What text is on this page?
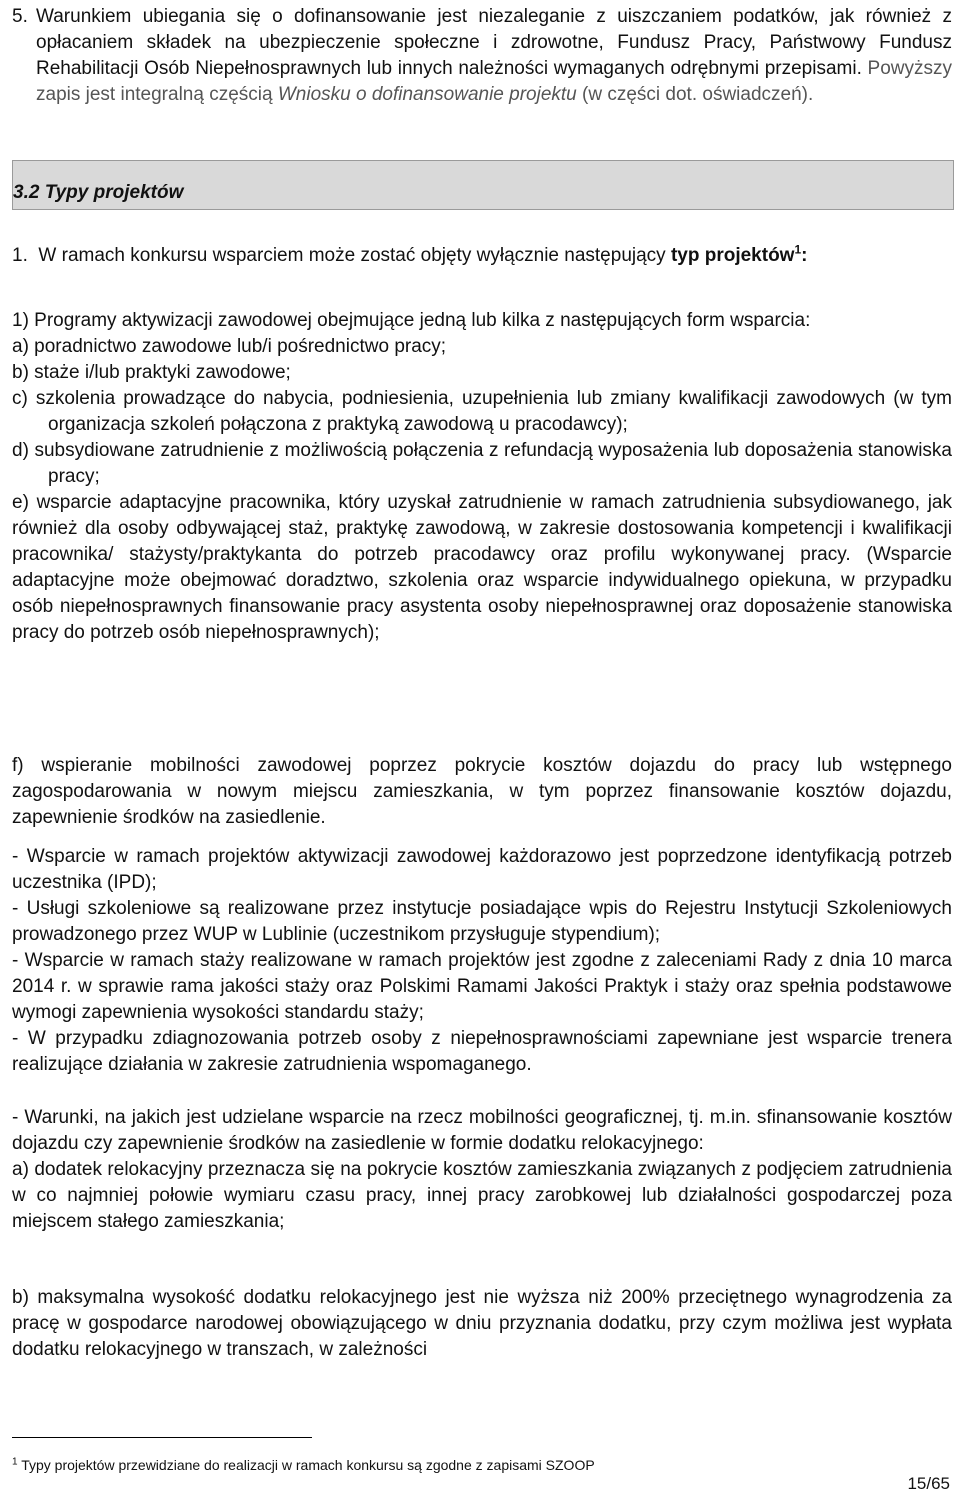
5. Warunkiem ubiegania się o dofinansowanie jest niezaleganie z uiszczaniem podatków, jak również z opłacaniem składek na ubezpieczenie społeczne i zdrowotne, Fundusz Pracy, Państwowy Fundusz Rehabilitacji Osób Niepełnosprawnych lub innych należności wymaganych odrębnymi przepisami. Powyższy zapis jest integralną częścią Wniosku o dofinansowanie projektu (w części dot. oświadczeń).
3.2 Typy projektów

1. W ramach konkursu wsparciem może zostać objęty wyłącznie następujący typ projektów$^1$:

1) Programy aktywizacji zawodowej obejmujące jedną lub kilka z następujących form wsparcia:

a) poradnictwo zawodowe lub/i pośrednictwo pracy;

b) staże i/lub praktyki zawodowe;

c) szkolenia prowadzące do nabycia, podniesienia, uzupełnienia lub zmiany kwalifikacji zawodowych (w tym organizacja szkoleń połączona z praktyką zawodową u pracodawcy);

d) subsydiowane zatrudnienie z możliwością połączenia z refundacją wyposażenia lub doposażenia stanowiska pracy;

e) wsparcie adaptacyjne pracownika, który uzyskał zatrudnienie w ramach zatrudnienia subsydiowanego, jak również dla osoby odbywającej staż, praktykę zawodową, w zakresie dostosowania kompetencji i kwalifikacji pracownika/ stażysty/praktykanta do potrzeb pracodawcy oraz profilu wykonywanej pracy. (Wsparcie adaptacyjne może obejmować doradztwo, szkolenia oraz wsparcie indywidualnego opiekuna, w przypadku osób niepełnosprawnych finansowanie pracy asystenta osoby niepełnosprawnej oraz doposażenie stanowiska pracy do potrzeb osób niepełnosprawnych);

f) wspieranie mobilności zawodowej poprzez pokrycie kosztów dojazdu do pracy lub wstępnego zagospodarowania w nowym miejscu zamieszkania, w tym poprzez finansowanie kosztów dojazdu, zapewnienie środków na zasiedlenie.

- Wsparcie w ramach projektów aktywizacji zawodowej każdorazowo jest poprzedzone identyfikacją potrzeb uczestnika (IPD);

- Usługi szkoleniowe są realizowane przez instytucje posiadające wpis do Rejestru Instytucji Szkoleniowych prowadzonego przez WUP w Lublinie (uczestnikom przysługuje stypendium);

- Wsparcie w ramach staży realizowane w ramach projektów jest zgodne z zaleceniami Rady z dnia 10 marca 2014 r. w sprawie rama jakości staży oraz Polskimi Ramami Jakości Praktyk i staży oraz spełnia podstawowe wymogi zapewnienia wysokości standardu staży;

- W przypadku zdiagnozowania potrzeb osoby z niepełnosprawnościami zapewniane jest wsparcie trenera realizujące działania w zakresie zatrudnienia wspomaganego.

- Warunki, na jakich jest udzielane wsparcie na rzecz mobilności geograficznej, tj. m.in. sfinansowanie kosztów dojazdu czy zapewnienie środków na zasiedlenie w formie dodatku relokacyjnego:

a) dodatek relokacyjny przeznacza się na pokrycie kosztów zamieszkania związanych z podjęciem zatrudnienia w co najmniej połowie wymiaru czasu pracy, innej pracy zarobkowej lub działalności gospodarczej poza miejscem stałego zamieszkania;

b) maksymalna wysokość dodatku relokacyjnego jest nie wyższa niż 200% przeciętnego wynagrodzenia za pracę w gospodarce narodowej obowiązującego w dniu przyznania dodatku, przy czym możliwa jest wypłata dodatku relokacyjnego w transzach, w zależności

$^1$ Typy projektów przewidziane do realizacji w ramach konkursu są zgodne z zapisami SZOOP
15/65
